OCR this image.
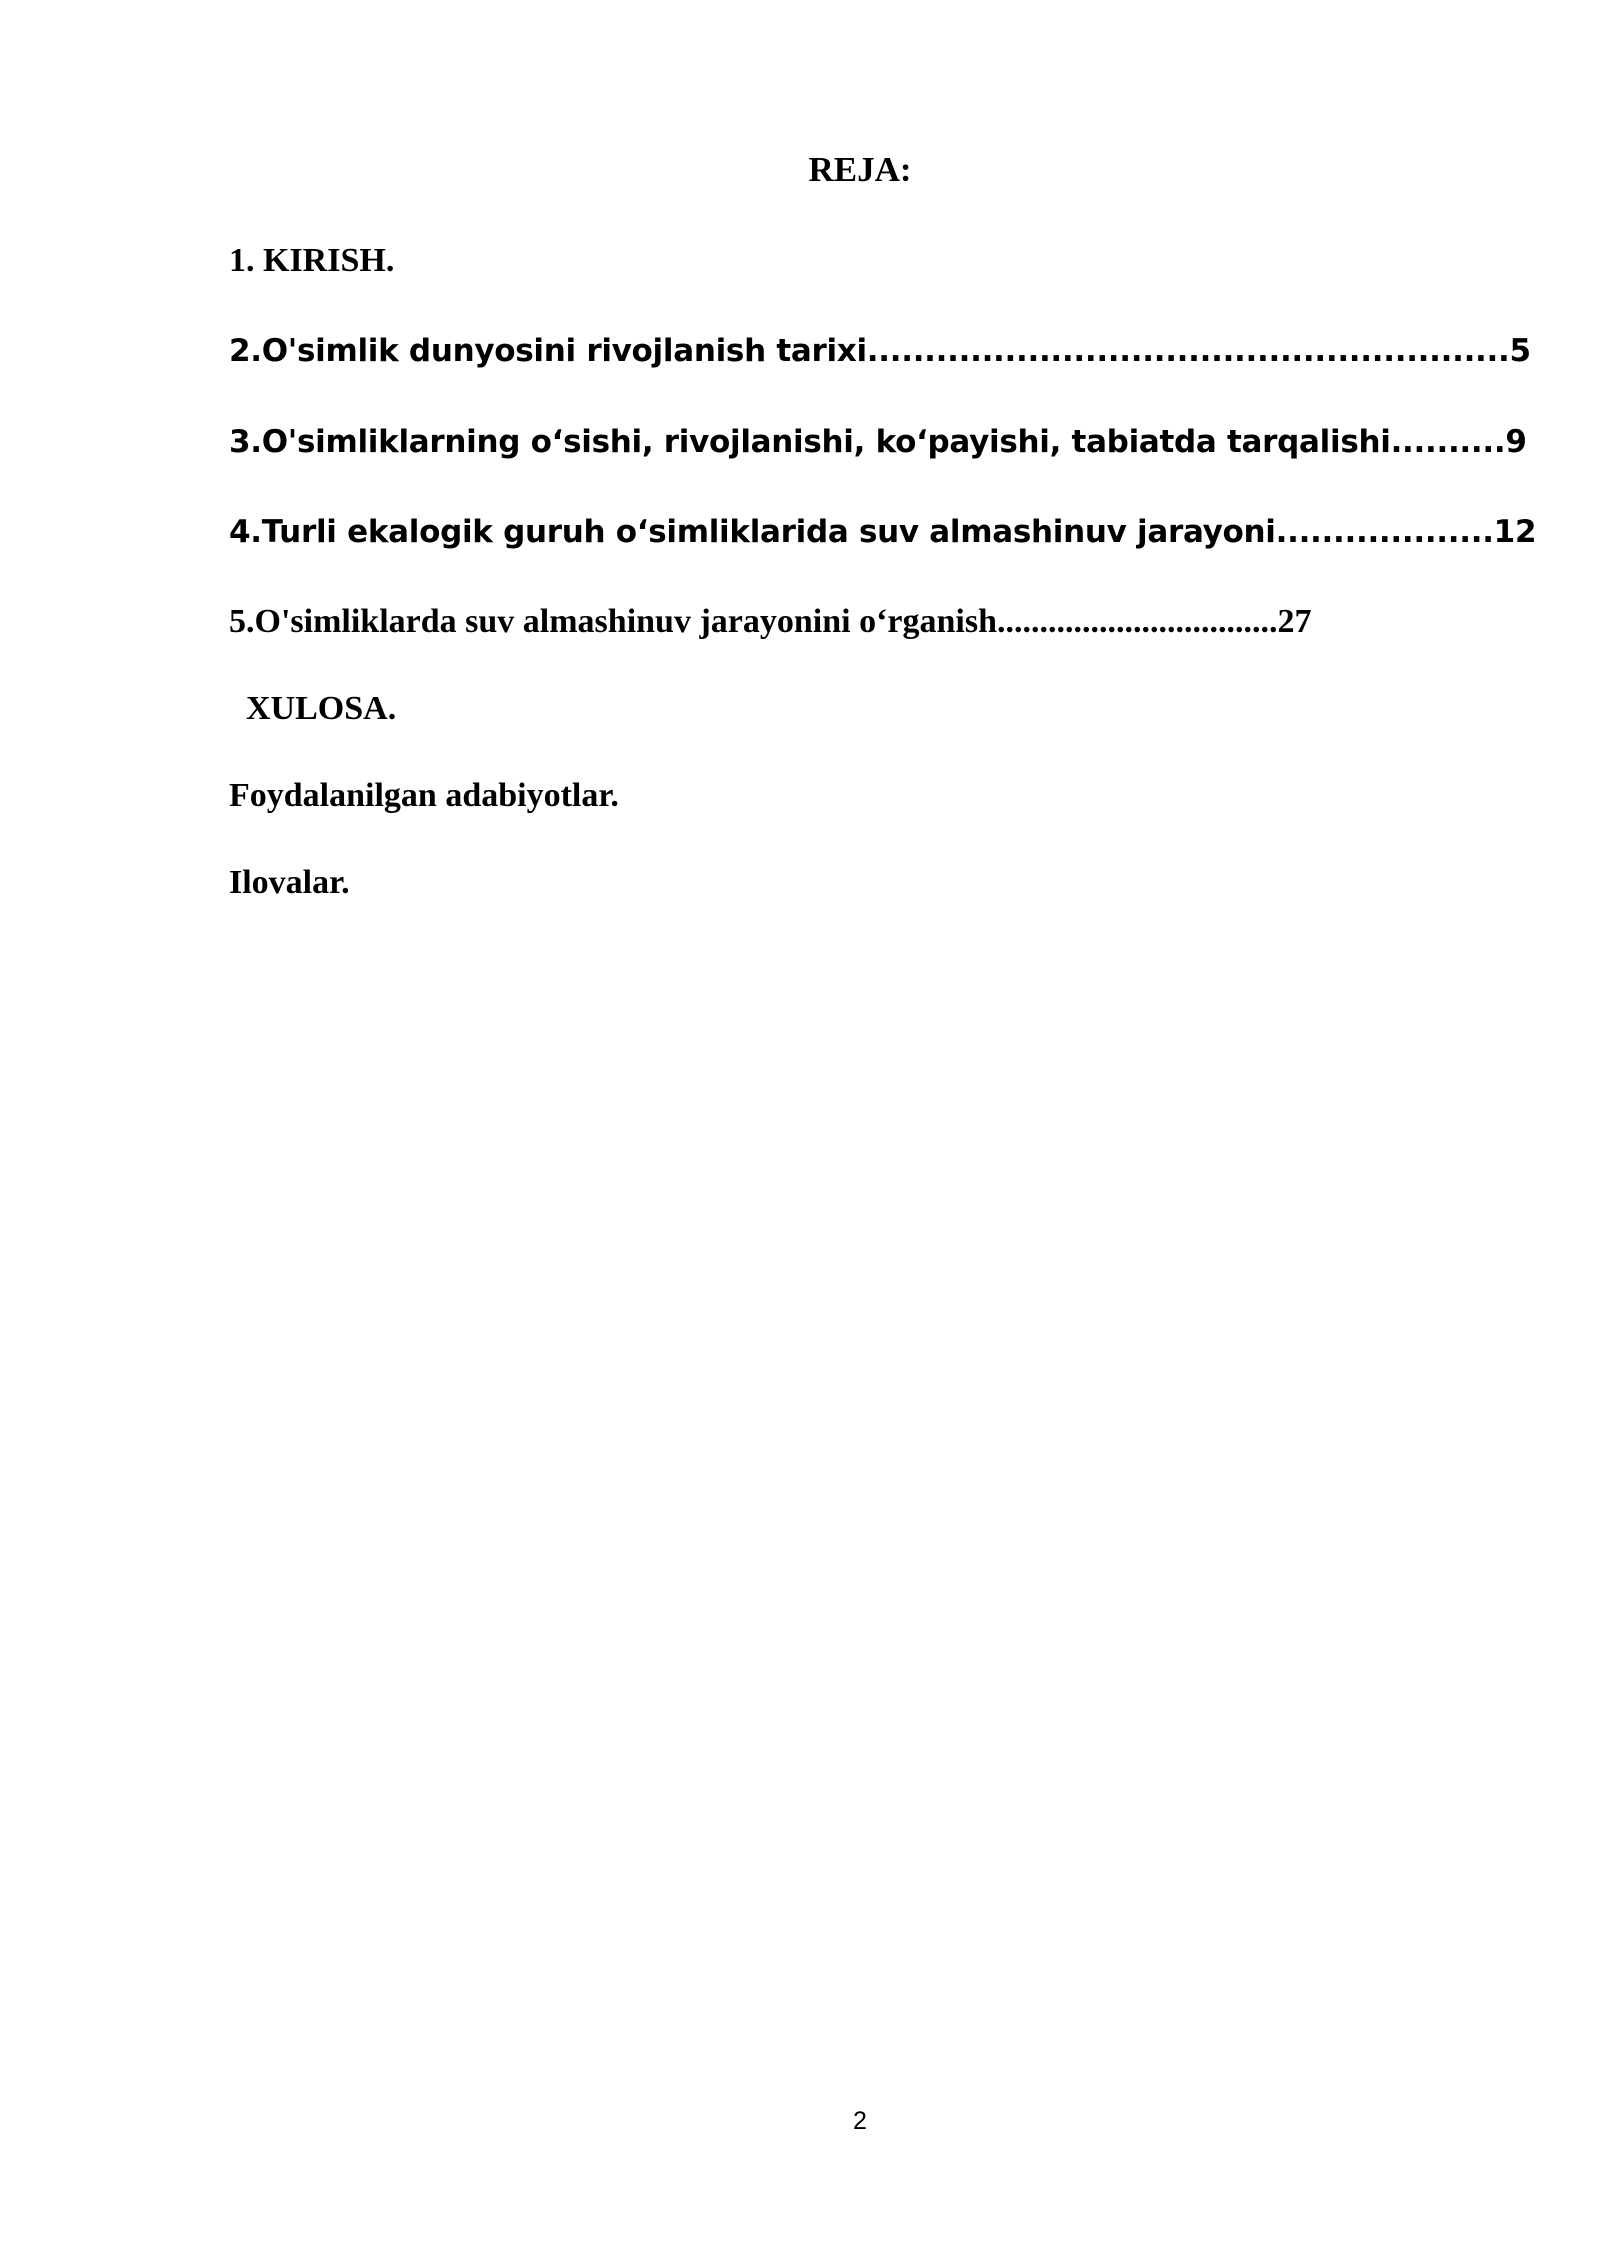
REJA:
1. KIRISH.
2.O'simlik dunyosini rivojlanish tarixi........................................................5
3.O'simliklarning o‘sishi, rivojlanishi, ko‘payishi, tabiatda tarqalishi..........9
4.Turli ekalogik guruh o‘simliklarida suv almashinuv jarayoni...................12
5.O'simliklarda suv almashinuv jarayonini o‘rganish.................................27
XULOSA.
Foydalanilgan adabiyotlar.
Ilovalar.
2
